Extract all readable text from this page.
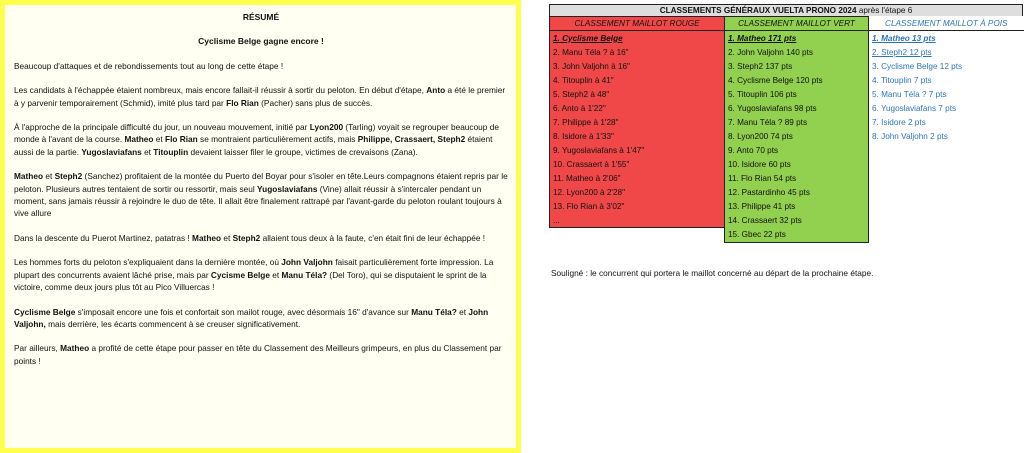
RÉSUMÉ
Cyclisme Belge gagne encore !

Beaucoup d'attaques et de rebondissements tout au long de cette étape !

Les candidats à l'échappée étaient nombreux, mais encore fallait-il réussir à sortir du peloton. En début d'étape, Anto a été le premier à y parvenir temporairement (Schmid), imité plus tard par Flo Rian (Pacher) sans plus de succès.

À l'approche de la principale difficulté du jour, un nouveau mouvement, initié par Lyon200 (Tarling) voyait se regrouper beaucoup de monde à l'avant de la course. Matheo et Flo Rian se montraient particulièrement actifs, mais Philippe, Crassaert, Steph2 étaient aussi de la partie. Yugoslaviafans et Titouplin devaient laisser filer le groupe, victimes de crevaisons (Zana).

Matheo et Steph2 (Sanchez) profitaient de la montée du Puerto del Boyar pour s'isoler en tête.Leurs compagnons étaient repris par le peloton. Plusieurs autres tentaient de sortir ou ressortir, mais seul Yugoslaviafans (Vine) allait réussir à s'intercaler pendant un moment, sans jamais réussir à rejoindre le duo de tête. Il allait être finalement rattrapé par l'avant-garde du peloton roulant toujours à vive allure

Dans la descente du Puerot Martinez, patatras ! Matheo et Steph2 allaient tous deux à la faute, c'en était fini de leur échappée !

Les hommes forts du peloton s'expliquaient dans la dernière montée, où John Valjohn faisait particulièrement forte impression. La plupart des concurrents avaient lâché prise, mais par Cycisme Belge et Manu Téla? (Del Toro), qui se disputaient le sprint de la victoire, comme deux jours plus tôt au Pico Villuercas !

Cyclisme Belge s'imposait encore une fois et confortait son mailot rouge, avec désormais 16" d'avance sur Manu Téla? et John Valjohn, mais derrière, les écarts commencent à se creuser significativement.

Par ailleurs, Matheo a profité de cette étape pour passer en tête du Classement des Meilleurs grimpeurs, en plus du Classement par points !

CLASSEMENTS GÉNÉRAUX VUELTA PRONO 2024 après l'étape 6
CLASSEMENT MAILLOT ROUGE	CLASSEMENT MAILLOT VERT	CLASSEMENT MAILLOT À POIS
1. Cyclisme Belge	1. Matheo 171 pts	1. Matheo 13 pts
2. Manu Téla ? à 16"	2. John Valjohn 140 pts	2. Steph2 12 pts
3. John Valjohn à 16"	3. Steph2 137 pts	3. Cyclisme Belge 12 pts
4. Titouplin à 41"	4. Cyclisme Belge 120 pts	4. Titouplin 7 pts
5. Steph2 à 48"	5. Titouplin 106 pts	5. Manu Téla ? 7 pts
6. Anto à 1'22"	6. Yugoslaviafans 98 pts	6. Yugoslaviafans 7 pts
7. Philippe à 1'28"	7. Manu Téla ? 89 pts	7. Isidore 2 pts
8. Isidore à 1'33"	8. Lyon200 74 pts	8. John Valjohn 2 pts
9. Yugoslaviafans à 1'47"	9. Anto 70 pts	
10. Crassaert à 1'55"	10. Isidore 60 pts	
11. Matheo à 2'06"	11. Flo Rian 54 pts	
12. Lyon200 à 2'28"	12. Pastardinho 45 pts	
13. Flo Rian à 3'02"	13. Philippe 41 pts	
...	14. Crassaert 32 pts	
	15. Gbec 22 pts	
Souligné : le concurrent qui portera le maillot concerné au départ de la prochaine étape.
